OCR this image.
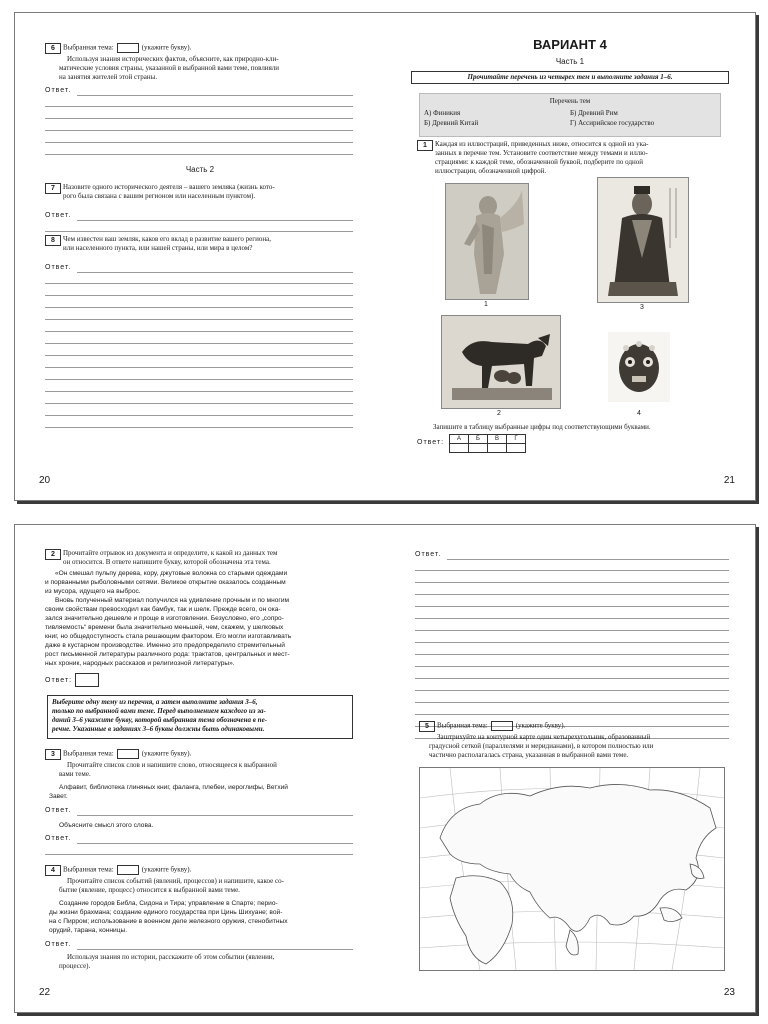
6	Выбранная тема:	(укажите букву).
Используя знания исторических фактов, объясните, как природно-кли-
матические условия страны, указанной в выбранной вами теме, повлияли
на занятия жителей этой страны.
Ответ.
Часть 2
7	Назовите одного исторического деятеля – вашего земляка (жизнь кото-
рого была связана с вашим регионом или населенным пунктом).
Ответ.
8	Чем известен ваш земляк, каков его вклад в развитие вашего региона,
или населенного пункта, или нашей страны, или мира в целом?
Ответ.
20
ВАРИАНТ 4
Часть 1
Прочитайте перечень из четырех тем и выполните задания 1–6.
Перечень тем
А) Финикия	Б) Древний Рим
Б) Древний Китай	Г) Ассирийское государство
1	Каждая из иллюстраций, приведенных ниже, относится к одной из ука-
занных в перечне тем. Установите соответствие между темами и иллю-
страциями: к каждой теме, обозначенной буквой, подберите по одной
иллюстрации, обозначенной цифрой.
1	3
2	4
Запишите в таблицу выбранные цифры под соответствующими буквами.
Ответ: А	Б	В	Г

21
2	Прочитайте отрывок из документа и определите, к какой из данных тем
он относится. В ответе напишите букву, которой обозначена эта тема.
«Он смешал пульпу дерева, кору, джутовые волокна со старыми одеждами
и порванными рыболовными сетями. Великое открытие оказалось созданным
из мусора, идущего на выброс.
Вновь полученный материал получился на удивление прочным и по многим
своим свойствам превосходил как бамбук, так и шелк. Прежде всего, он ока-
зался значительно дешевле и проще в изготовлении. Безусловно, его „сопро-
тивляемость“ времени была значительно меньшей, чем, скажем, у шелковых
книг, но общедоступность стала решающим фактором. Его могли изготавливать
даже в кустарном производстве. Именно это предопределило стремительный
рост письменной литературы различного рода: трактатов, центральных и мест-
ных хроник, народных рассказов и религиозной литературы».
Ответ:
Выберите одну тему из перечня, а затем выполните задания 3–6,
только по выбранной вами теме. Перед выполнением каждого из за-
даний 3–6 укажите букву, которой выбранная тема обозначена в пе-
речне. Указанные в заданиях 3–6 буквы должны быть одинаковыми.
3	Выбранная тема:	(укажите букву).
Прочитайте список слов и напишите слово, относящееся к выбранной
вами теме.
Алфавит, библиотека глиняных книг, фаланга, плебеи, иероглифы, Ветхий
Завет.
Ответ.
Объясните смысл этого слова.
Ответ.
4	Выбранная тема:	(укажите букву).
Прочитайте список событий (явлений, процессов) и напишите, какое со-
бытие (явление, процесс) относится к выбранной вами теме.
Создание городов Библа, Сидона и Тира; управление в Спарте; перио-
ды жизни брахмана; создание единого государства при Цинь Шихуане; вой-
на с Пирром; использование в военном деле железного оружия, стенобитных
орудий, тарана, конницы.
Ответ.
Используя знания по истории, расскажите об этом событии (явлении,
процессе).
22
Ответ.
5	Выбранная тема:	(укажите букву).
Заштрихуйте на контурной карте один четырехугольник, образованный
градусной сеткой (параллелями и меридианами), в котором полностью или
частично располагалась страна, указанная в выбранной вами теме.
23
